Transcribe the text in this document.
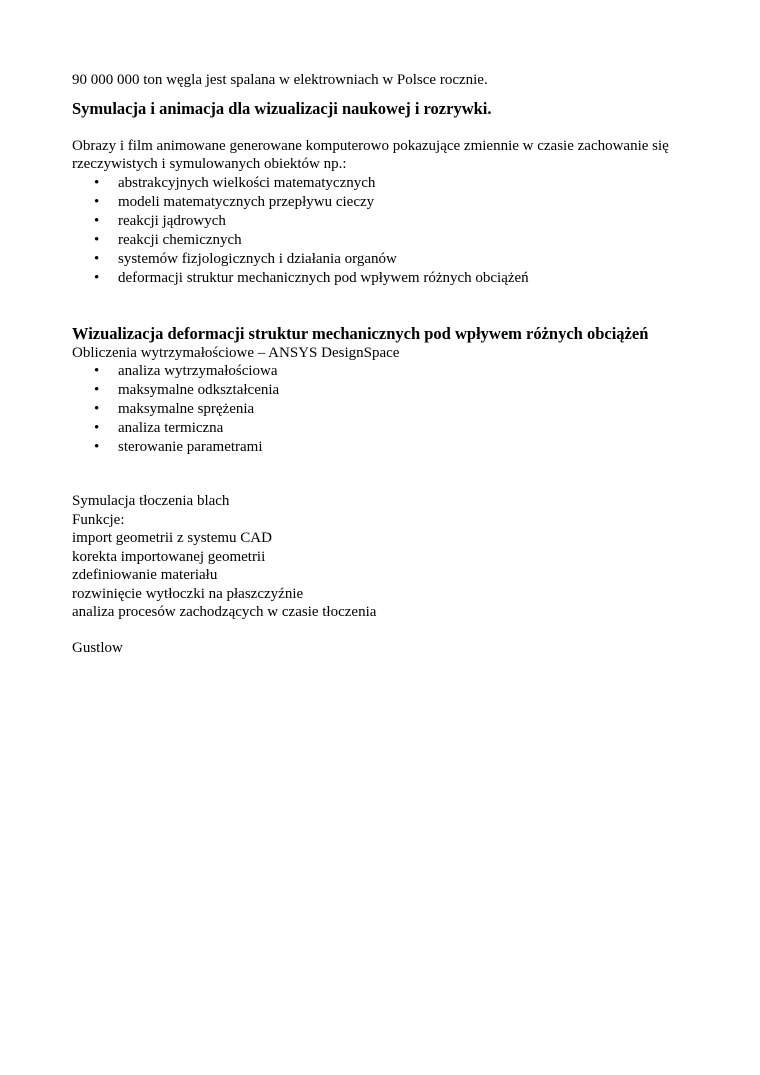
90 000 000 ton węgla jest spalana w elektrowniach w Polsce rocznie.

Symulacja i animacja dla wizualizacji naukowej i rozrywki.

Obrazy i film animowane generowane komputerowo pokazujące zmiennie w czasie zachowanie się rzeczywistych i symulowanych obiektów np.:

• abstrakcyjnych wielkości matematycznych
• modeli matematycznych przepływu cieczy
• reakcji jądrowych
• reakcji chemicznych
• systemów fizjologicznych i działania organów
• deformacji struktur mechanicznych pod wpływem różnych obciążeń

Wizualizacja deformacji struktur mechanicznych pod wpływem różnych obciążeń

Obliczenia wytrzymałościowe – ANSYS DesignSpace

• analiza wytrzymałościowa
• maksymalne odkształcenia
• maksymalne sprężenia
• analiza termiczna
• sterowanie parametrami

Symulacja tłoczenia blach

Funkcje:

import geometrii z systemu CAD

korekta importowanej geometrii

zdefiniowanie materiału

rozwinięcie wytłoczki na płaszczyźnie

analiza procesów zachodzących w czasie tłoczenia

Gustlow
